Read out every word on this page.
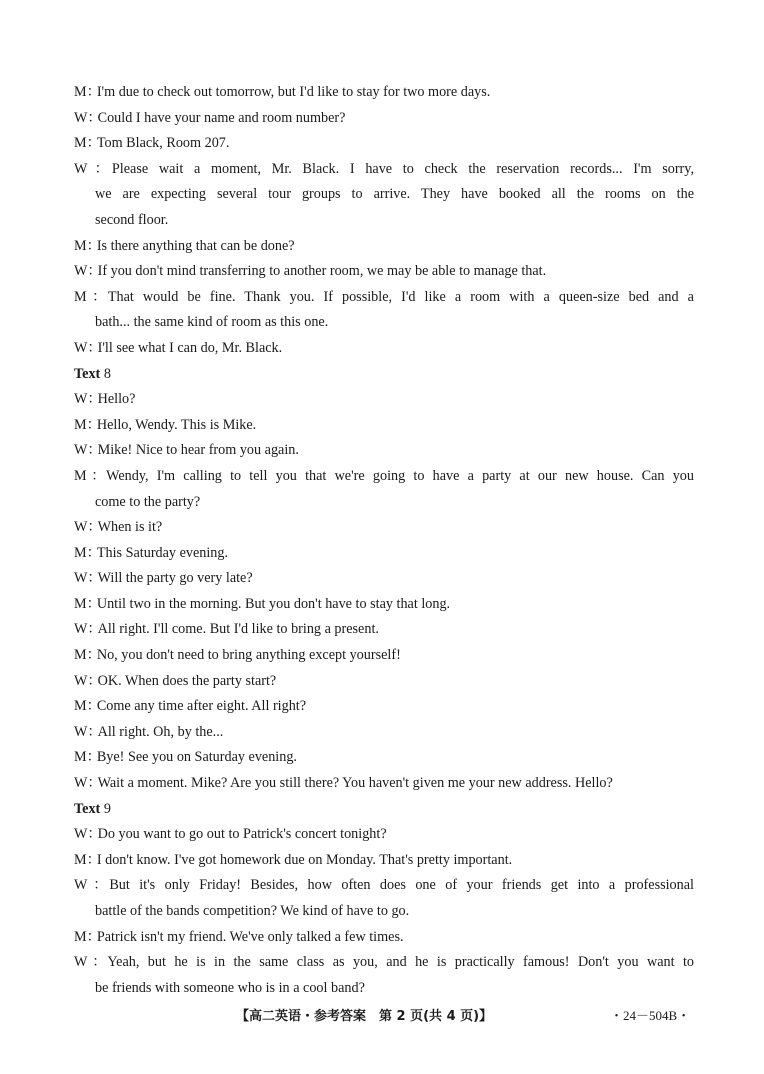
M：I'm due to check out tomorrow, but I'd like to stay for two more days.
W：Could I have your name and room number?
M：Tom Black, Room 207.
W：Please wait a moment, Mr. Black. I have to check the reservation records... I'm sorry,
we are expecting several tour groups to arrive. They have booked all the rooms on the
second floor.
M：Is there anything that can be done?
W：If you don't mind transferring to another room, we may be able to manage that.
M：That would be fine. Thank you. If possible, I'd like a room with a queen-size bed and a
bath... the same kind of room as this one.
W：I'll see what I can do, Mr. Black.
Text 8
W：Hello?
M：Hello, Wendy. This is Mike.
W：Mike! Nice to hear from you again.
M：Wendy, I'm calling to tell you that we're going to have a party at our new house. Can you
come to the party?
W：When is it?
M：This Saturday evening.
W：Will the party go very late?
M：Until two in the morning. But you don't have to stay that long.
W：All right. I'll come. But I'd like to bring a present.
M：No, you don't need to bring anything except yourself!
W：OK. When does the party start?
M：Come any time after eight. All right?
W：All right. Oh, by the...
M：Bye! See you on Saturday evening.
W：Wait a moment. Mike? Are you still there? You haven't given me your new address. Hello?
Text 9
W：Do you want to go out to Patrick's concert tonight?
M：I don't know. I've got homework due on Monday. That's pretty important.
W：But it's only Friday! Besides, how often does one of your friends get into a professional
battle of the bands competition? We kind of have to go.
M：Patrick isn't my friend. We've only talked a few times.
W：Yeah, but he is in the same class as you, and he is practically famous! Don't you want to
be friends with someone who is in a cool band?
【高二英语・参考答案　第 2 页(共 4 页)】	・24－504B・
